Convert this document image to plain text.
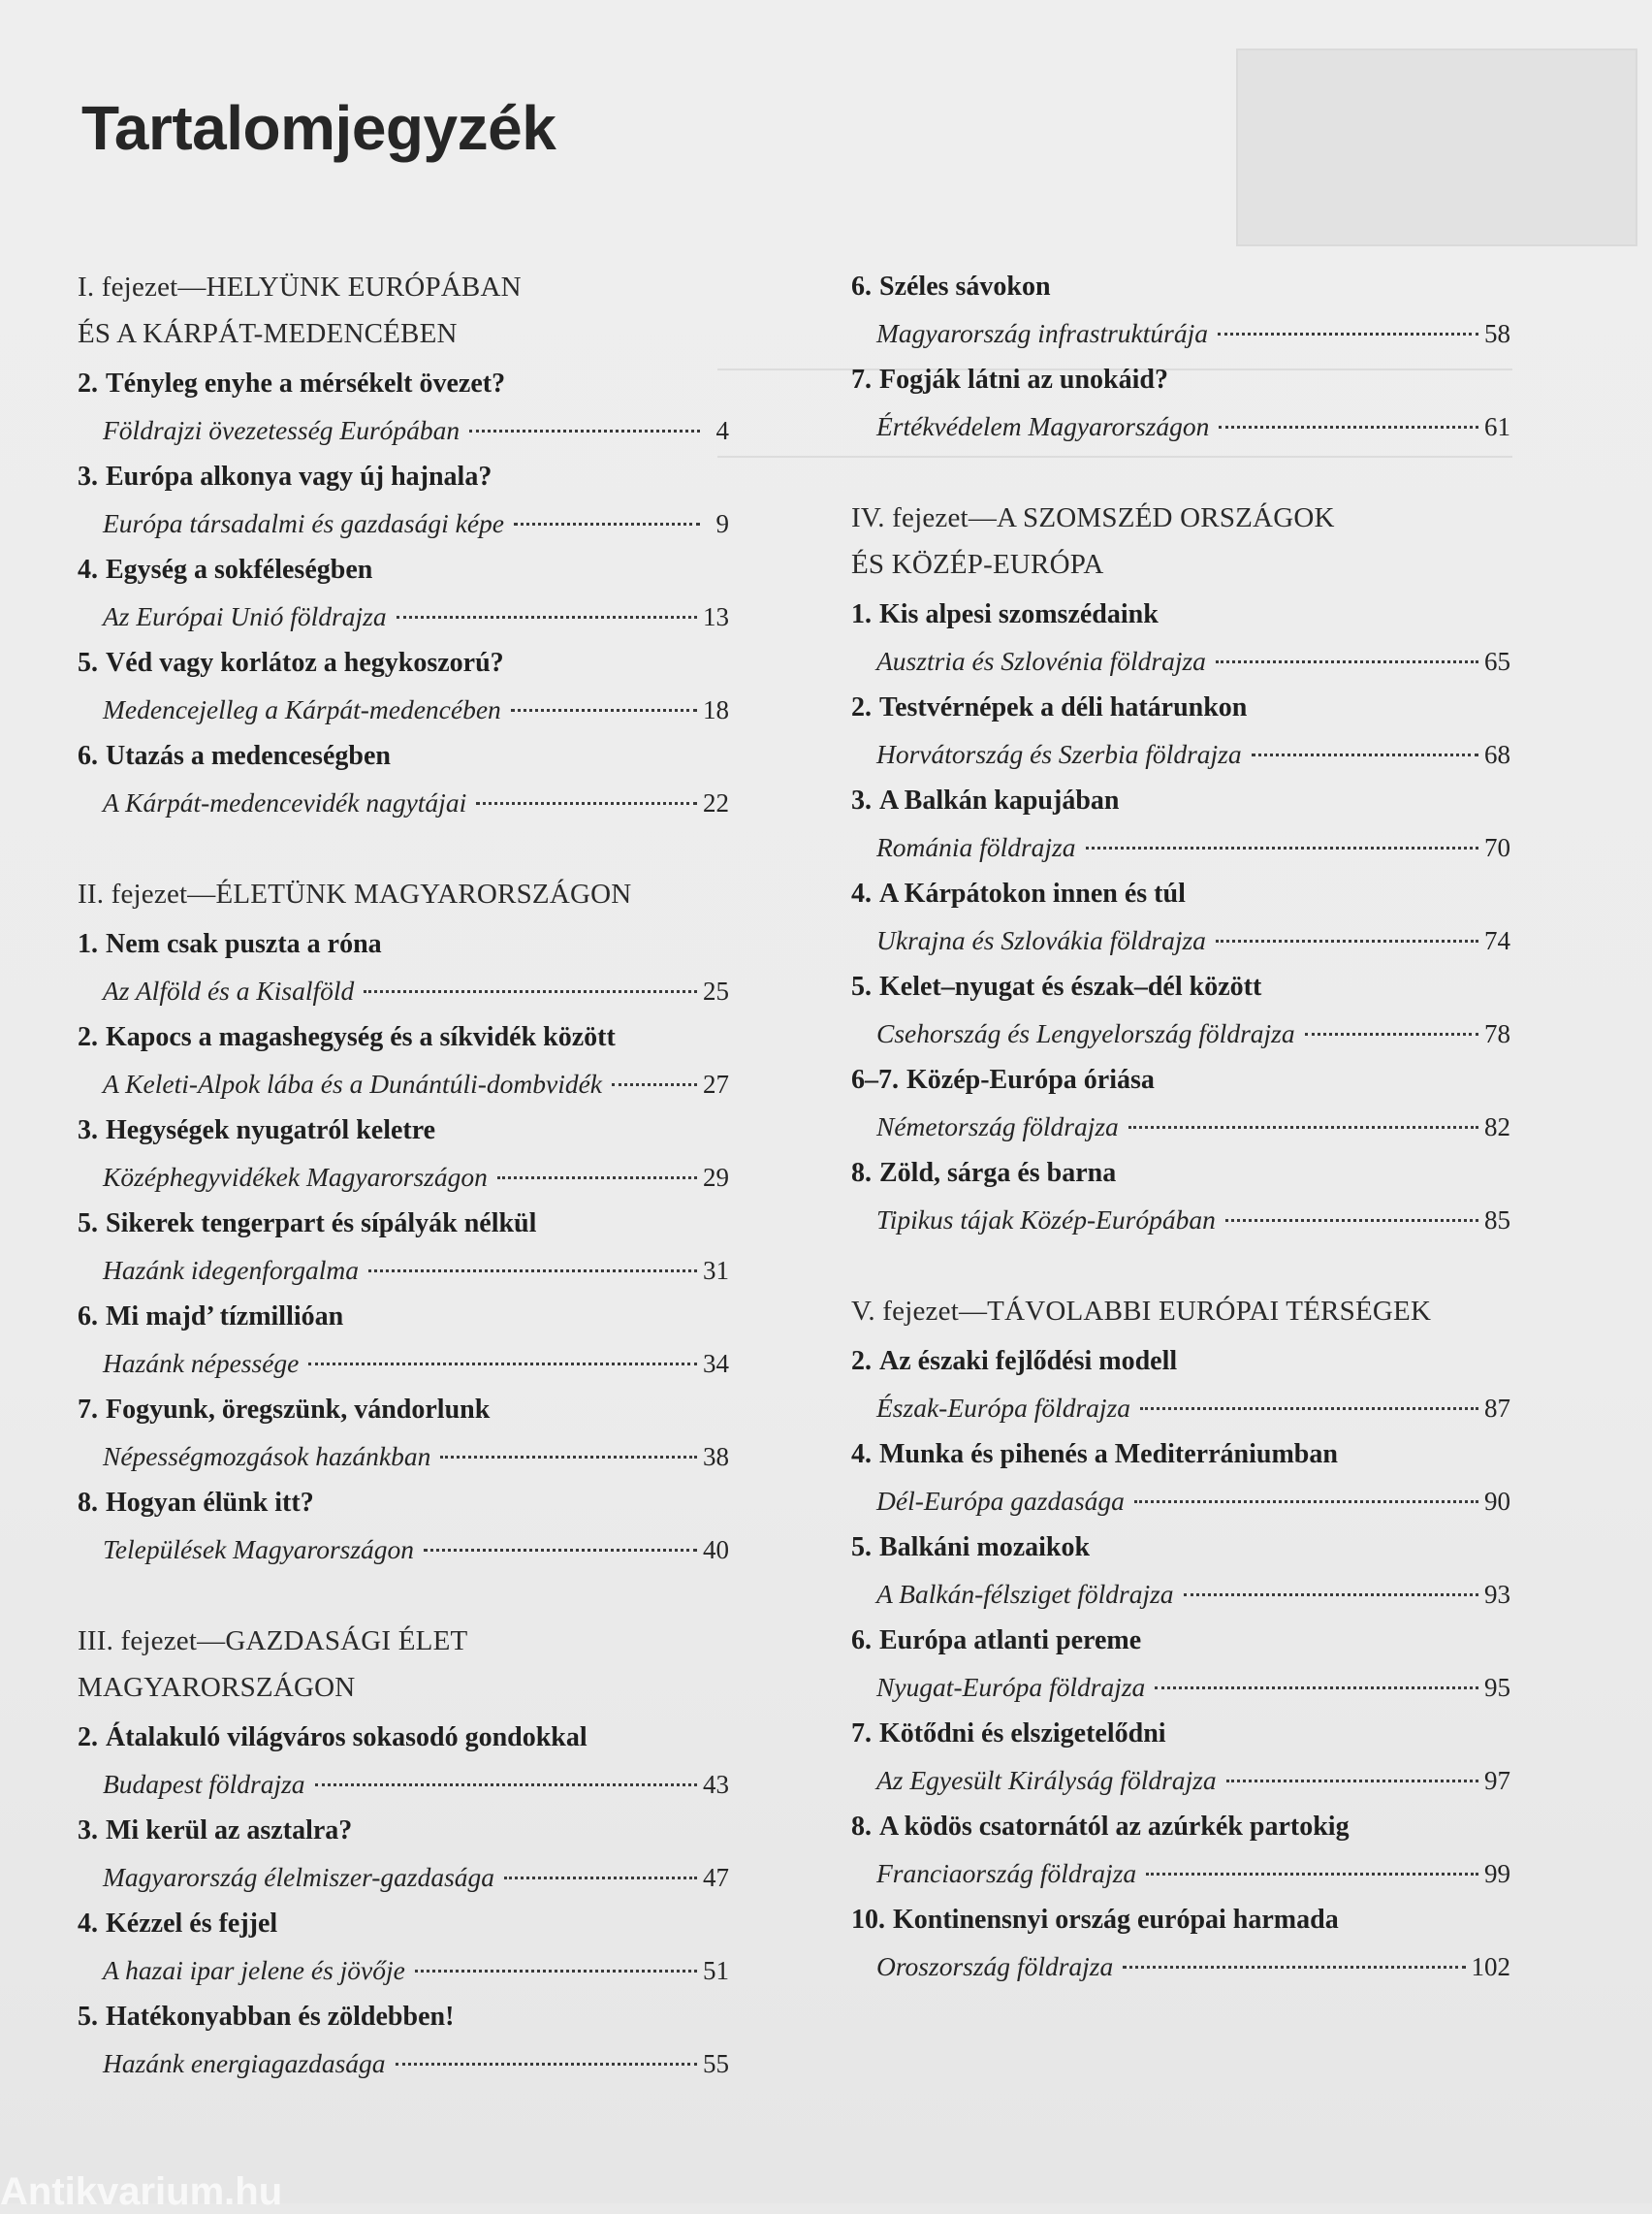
Tartalomjegyzék

I. fejezet—HELYÜNK EURÓPÁBAN

ÉS A KÁRPÁT-MEDENCÉBEN

2. Tényleg enyhe a mérsékelt övezet?
Földrajzi övezetesség Európában	4
3. Európa alkonya vagy új hajnala?
Európa társadalmi és gazdasági képe	9
4. Egység a sokféleségben
Az Európai Unió földrajza	13
5. Véd vagy korlátoz a hegykoszorú?
Medencejelleg a Kárpát-medencében	18
6. Utazás a medenceségben
A Kárpát-medencevidék nagytájai	22

II. fejezet—ÉLETÜNK MAGYARORSZÁGON

1. Nem csak puszta a róna
Az Alföld és a Kisalföld	25
2. Kapocs a magashegység és a síkvidék között
A Keleti-Alpok lába és a Dunántúli-dombvidék	27
3. Hegységek nyugatról keletre
Középhegyvidékek Magyarországon	29
5. Sikerek tengerpart és sípályák nélkül
Hazánk idegenforgalma	31
6. Mi majd’ tízmillióan
Hazánk népessége	34
7. Fogyunk, öregszünk, vándorlunk
Népességmozgások hazánkban	38
8. Hogyan élünk itt?
Települések Magyarországon	40

III. fejezet—GAZDASÁGI ÉLET

MAGYARORSZÁGON

2. Átalakuló világváros sokasodó gondokkal
Budapest földrajza	43
3. Mi kerül az asztalra?
Magyarország élelmiszer-gazdasága	47
4. Kézzel és fejjel
A hazai ipar jelene és jövője	51
5. Hatékonyabban és zöldebben!
Hazánk energiagazdasága	55
6. Széles sávokon
Magyarország infrastruktúrája	58
7. Fogják látni az unokáid?
Értékvédelem Magyarországon	61

IV. fejezet—A SZOMSZÉD ORSZÁGOK

ÉS KÖZÉP-EURÓPA

1. Kis alpesi szomszédaink
Ausztria és Szlovénia földrajza	65
2. Testvérnépek a déli határunkon
Horvátország és Szerbia földrajza	68
3. A Balkán kapujában
Románia földrajza	70
4. A Kárpátokon innen és túl
Ukrajna és Szlovákia földrajza	74
5. Kelet–nyugat és észak–dél között
Csehország és Lengyelország földrajza	78
6–7. Közép-Európa óriása
Németország földrajza	82
8. Zöld, sárga és barna
Tipikus tájak Közép-Európában	85

V. fejezet—TÁVOLABBI EURÓPAI TÉRSÉGEK

2. Az északi fejlődési modell
Észak-Európa földrajza	87
4. Munka és pihenés a Mediterrániumban
Dél-Európa gazdasága	90
5. Balkáni mozaikok
A Balkán-félsziget földrajza	93
6. Európa atlanti pereme
Nyugat-Európa földrajza	95
7. Kötődni és elszigetelődni
Az Egyesült Királyság földrajza	97
8. A ködös csatornától az azúrkék partokig
Franciaország földrajza	99
10. Kontinensnyi ország európai harmada
Oroszország földrajza	102
Antikvarium.hu
